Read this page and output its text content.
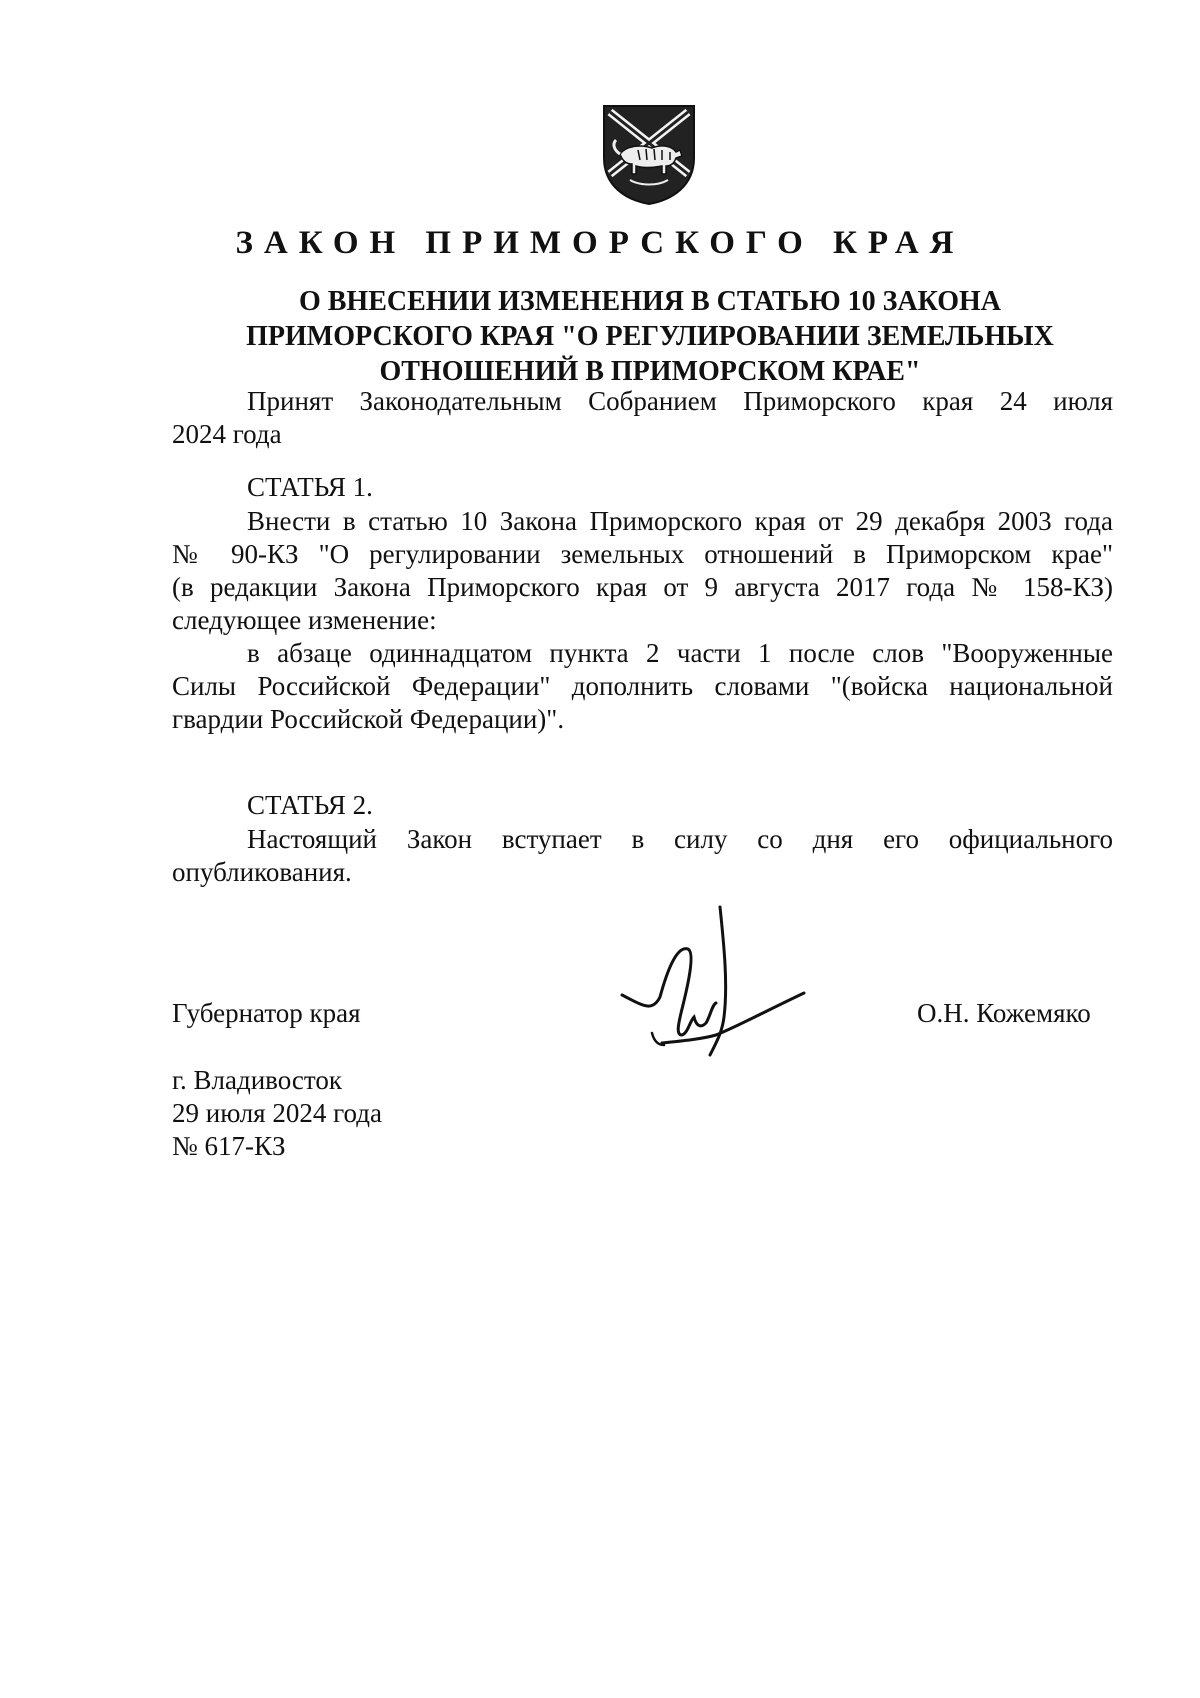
ЗАКОН ПРИМОРСКОГО КРАЯ
О ВНЕСЕНИИ ИЗМЕНЕНИЯ В СТАТЬЮ 10 ЗАКОНА
ПРИМОРСКОГО КРАЯ "О РЕГУЛИРОВАНИИ ЗЕМЕЛЬНЫХ
ОТНОШЕНИЙ В ПРИМОРСКОМ КРАЕ"
Принят Законодательным Собранием Приморского края 24 июля
2024 года
СТАТЬЯ 1.
Внести в статью 10 Закона Приморского края от 29 декабря 2003 года
№ 90-КЗ "О регулировании земельных отношений в Приморском крае"
(в редакции Закона Приморского края от 9 августа 2017 года № 158-КЗ)
следующее изменение:
в абзаце одиннадцатом пункта 2 части 1 после слов "Вооруженные
Силы Российской Федерации" дополнить словами "(войска национальной
гвардии Российской Федерации)".
СТАТЬЯ 2.
Настоящий Закон вступает в силу со дня его официального
опубликования.
Губернатор края	О.Н. Кожемяко
г. Владивосток
29 июля 2024 года
№ 617-КЗ
